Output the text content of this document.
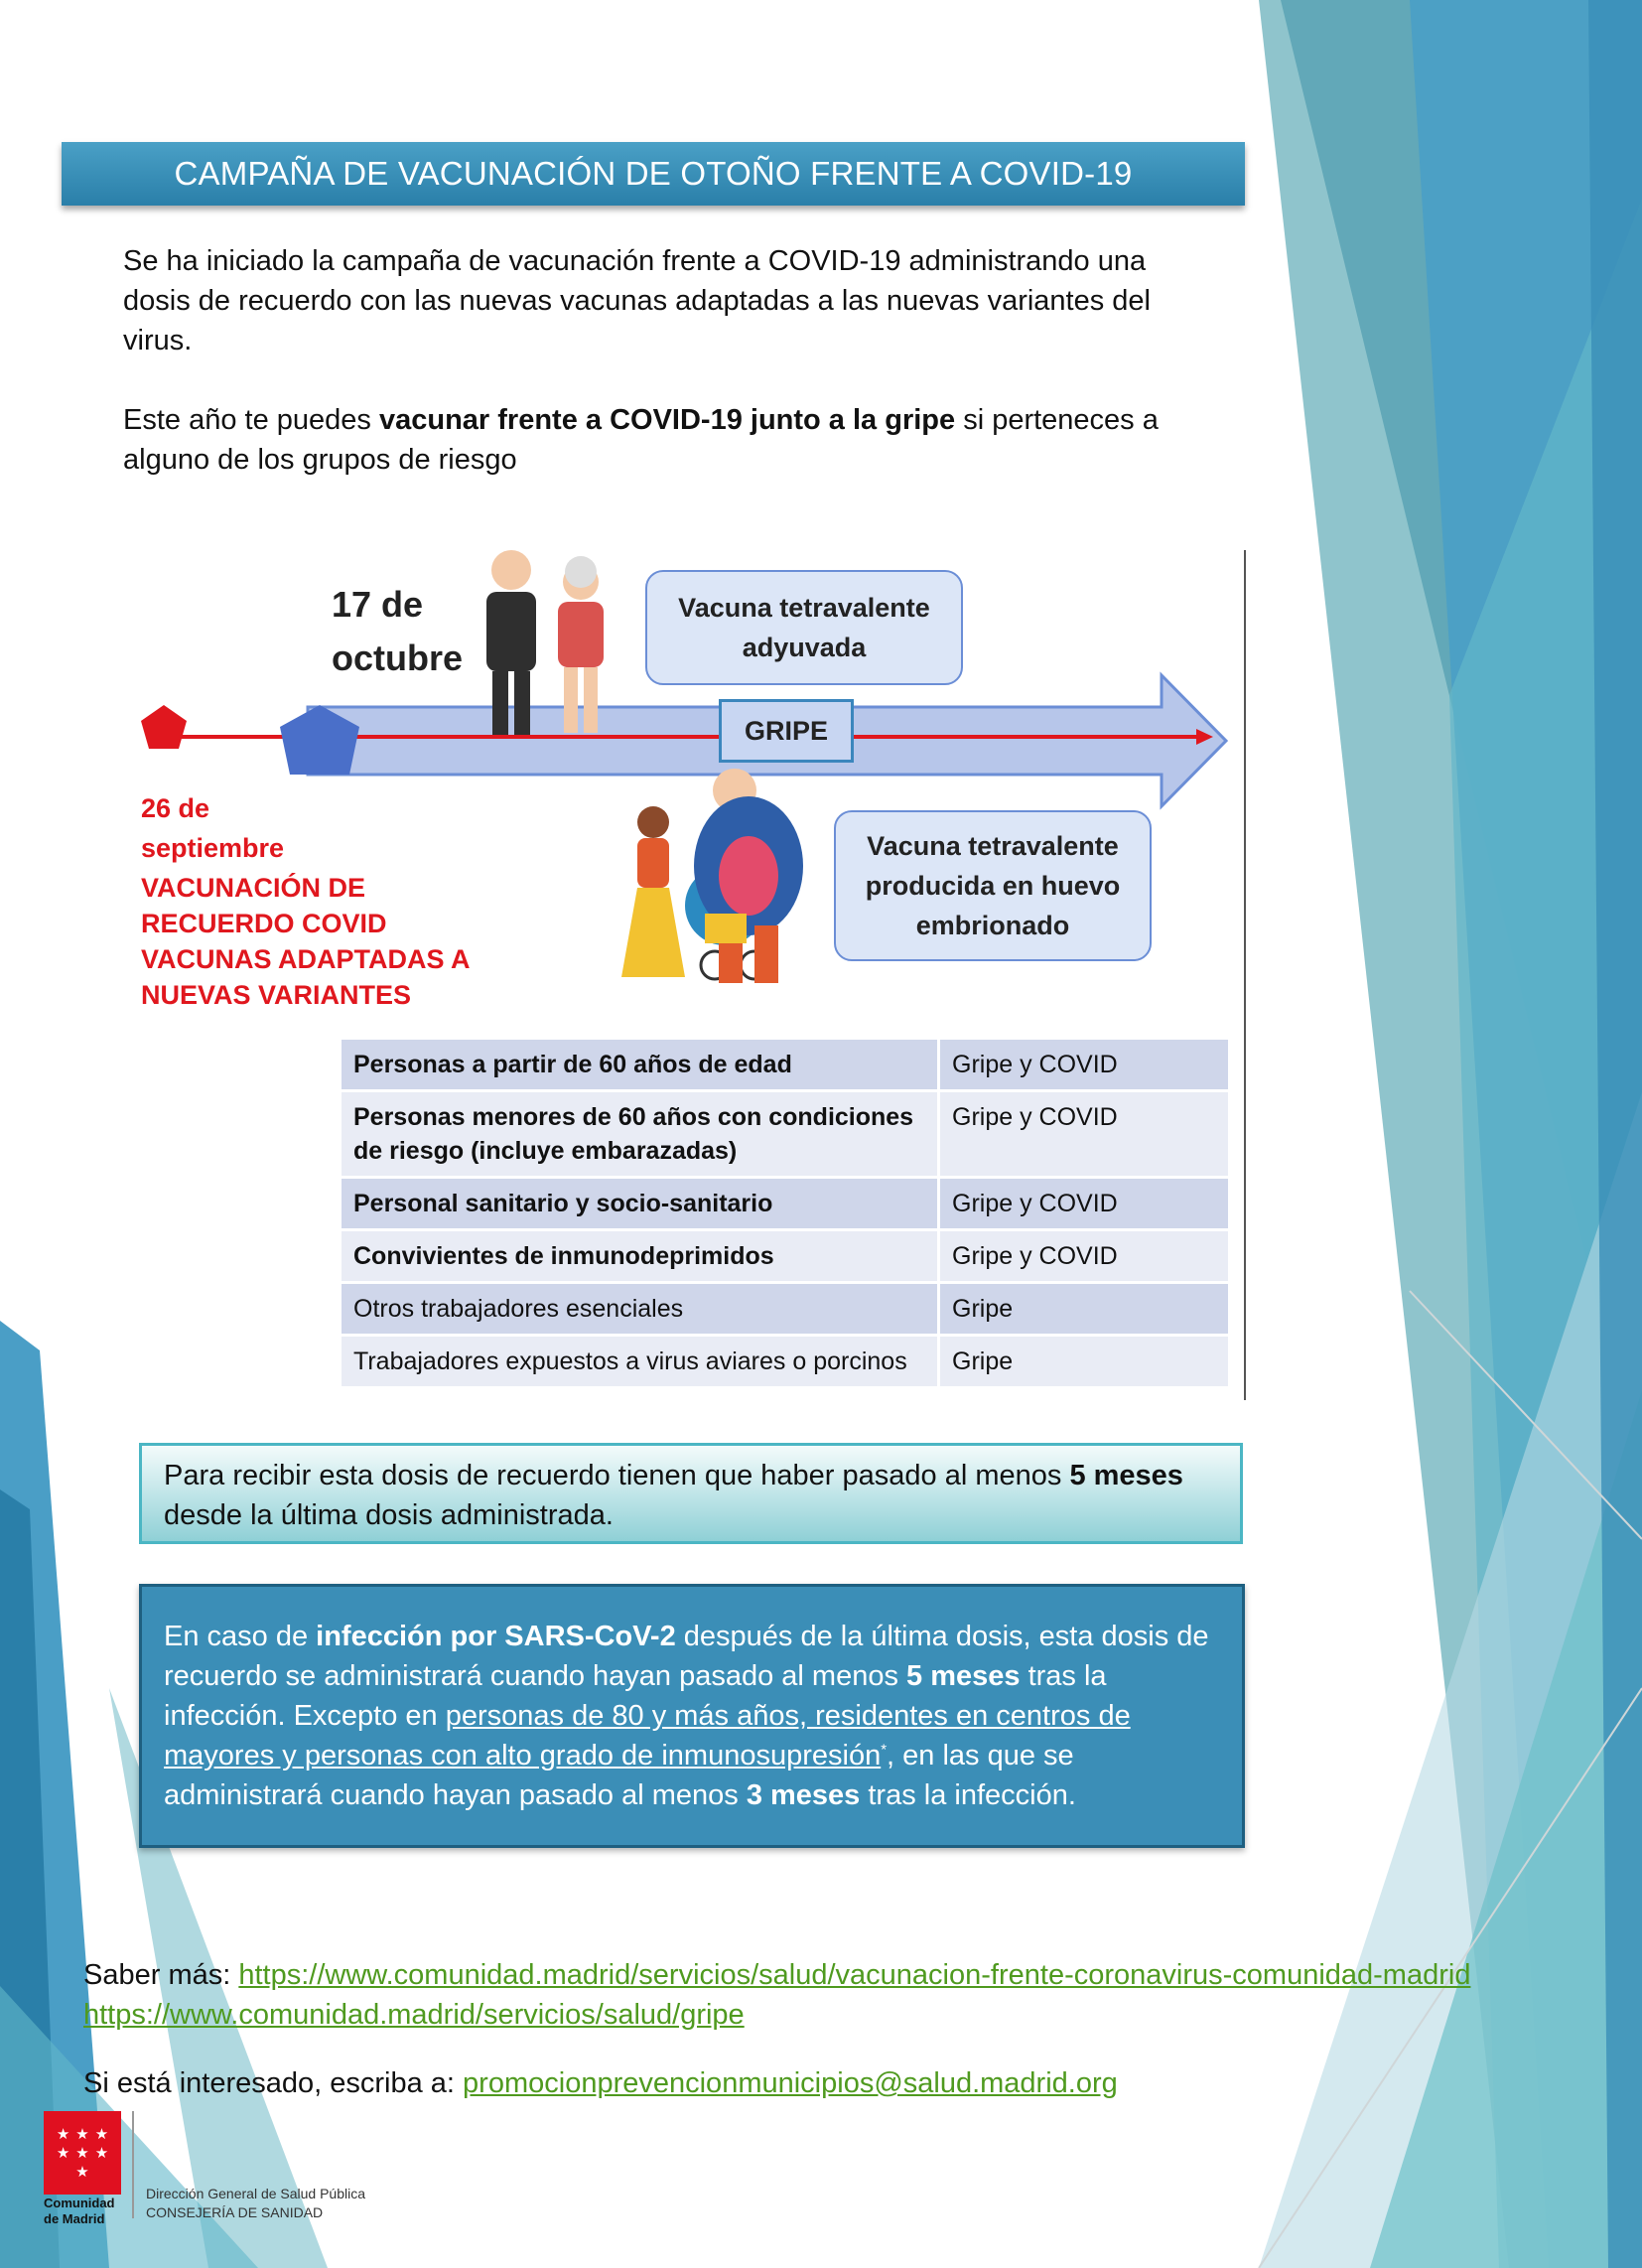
CAMPAÑA DE VACUNACIÓN DE OTOÑO FRENTE A COVID-19

Se ha iniciado la campaña de vacunación frente a COVID-19 administrando una dosis de recuerdo con las nuevas vacunas adaptadas a las nuevas variantes del virus.

Este año te puedes vacunar frente a COVID-19 junto a la gripe si perteneces a alguno de los grupos de riesgo

17 de
octubre
26 de
septiembre
VACUNACIÓN DE
RECUERDO COVID
VACUNAS ADAPTADAS A
NUEVAS VARIANTES
Vacuna tetravalente
adyuvada
GRIPE
Vacuna tetravalente
producida en huevo
embrionado
Personas a partir de 60 años de edad	Gripe y COVID
Personas menores de 60 años con condiciones de riesgo (incluye embarazadas)	Gripe y COVID
Personal sanitario y socio-sanitario	Gripe y COVID
Convivientes de inmunodeprimidos	Gripe y COVID
Otros trabajadores esenciales	Gripe
Trabajadores expuestos a virus aviares o porcinos	Gripe
Para recibir esta dosis de recuerdo tienen que haber pasado al menos 5 meses desde la última dosis administrada.

En caso de infección por SARS-CoV-2 después de la última dosis, esta dosis de recuerdo se administrará cuando hayan pasado al menos 5 meses tras la infección. Excepto en personas de 80 y más años, residentes en centros de mayores y personas con alto grado de inmunosupresión*, en las que se administrará cuando hayan pasado al menos 3 meses tras la infección.

Saber más: https://www.comunidad.madrid/servicios/salud/vacunacion-frente-coronavirus-comunidad-madrid
https://www.comunidad.madrid/servicios/salud/gripe
Si está interesado, escriba a: promocionprevencionmunicipios@salud.madrid.org
★ ★ ★
★ ★ ★
★
Comunidad
de Madrid
Dirección General de Salud Pública
CONSEJERÍA DE SANIDAD
